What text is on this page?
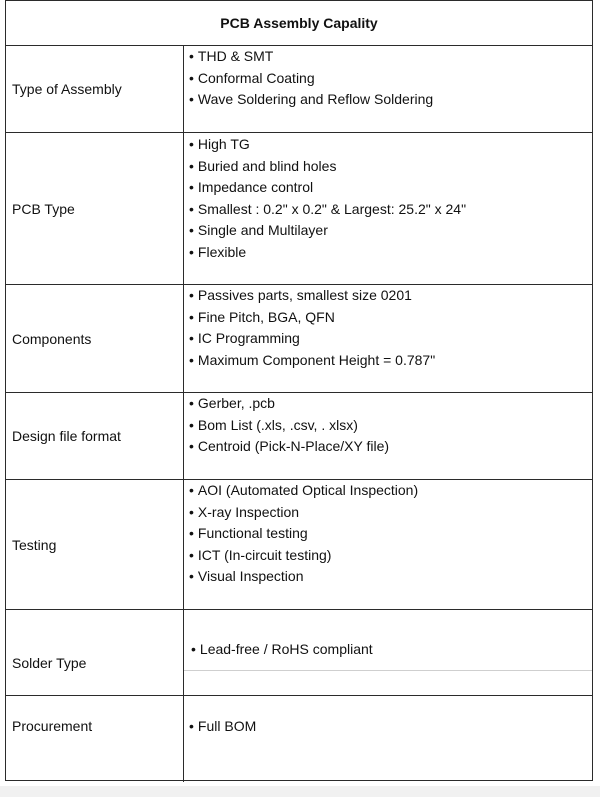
PCB Assembly Capality
Type of Assembly
• THD & SMT
• Conformal Coating
• Wave Soldering and Reflow Soldering
PCB Type
• High TG
• Buried and blind holes
• Impedance control
• Smallest : 0.2" x 0.2" & Largest: 25.2" x 24"
• Single and Multilayer
• Flexible
Components
• Passives parts, smallest size 0201
• Fine Pitch, BGA, QFN
• IC Programming
• Maximum Component Height = 0.787"
Design file format
• Gerber, .pcb
• Bom List (.xls, .csv, . xlsx)
• Centroid (Pick-N-Place/XY file)
Testing
• AOI (Automated Optical Inspection)
• X-ray Inspection
• Functional testing
• ICT (In-circuit testing)
• Visual Inspection
Solder Type
• Lead-free / RoHS compliant
Procurement
•	Full BOM
